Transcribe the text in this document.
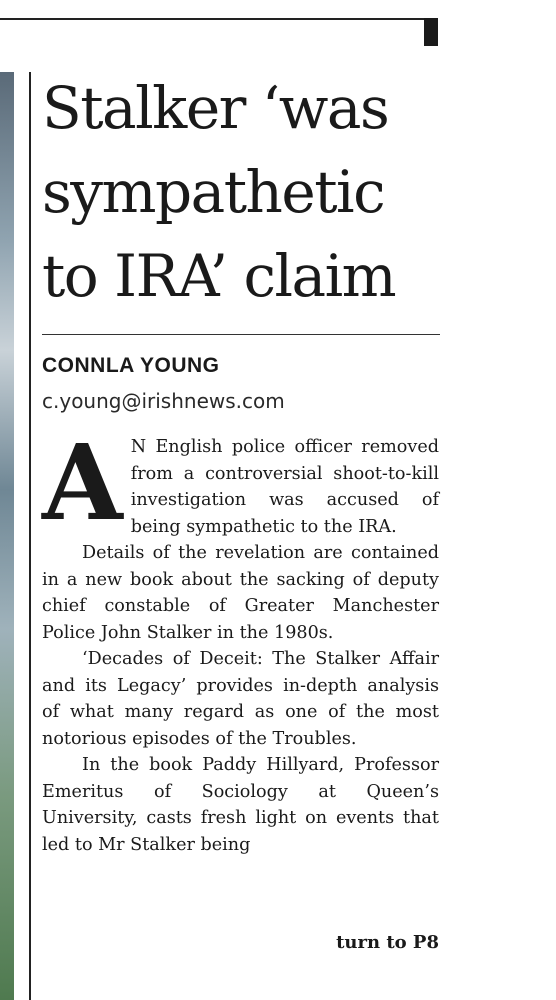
Stalker ‘was
sympathetic
to IRA’ claim
CONNLA YOUNG
c.young@irishnews.com

A N English police officer removed from a controversial shoot-to-kill investigation was accused of being sympathetic to the IRA.

Details of the revelation are contained in a new book about the sacking of deputy chief constable of Greater Manchester Police John Stalker in the 1980s.

‘Decades of Deceit: The Stalker Affair and its Legacy’ provides in-depth analysis of what many regard as one of the most notorious episodes of the Troubles.

In the book Paddy Hillyard, Professor Emeritus of Sociology at Queen’s University, casts fresh light on events that led to Mr Stalker being

turn to P8
